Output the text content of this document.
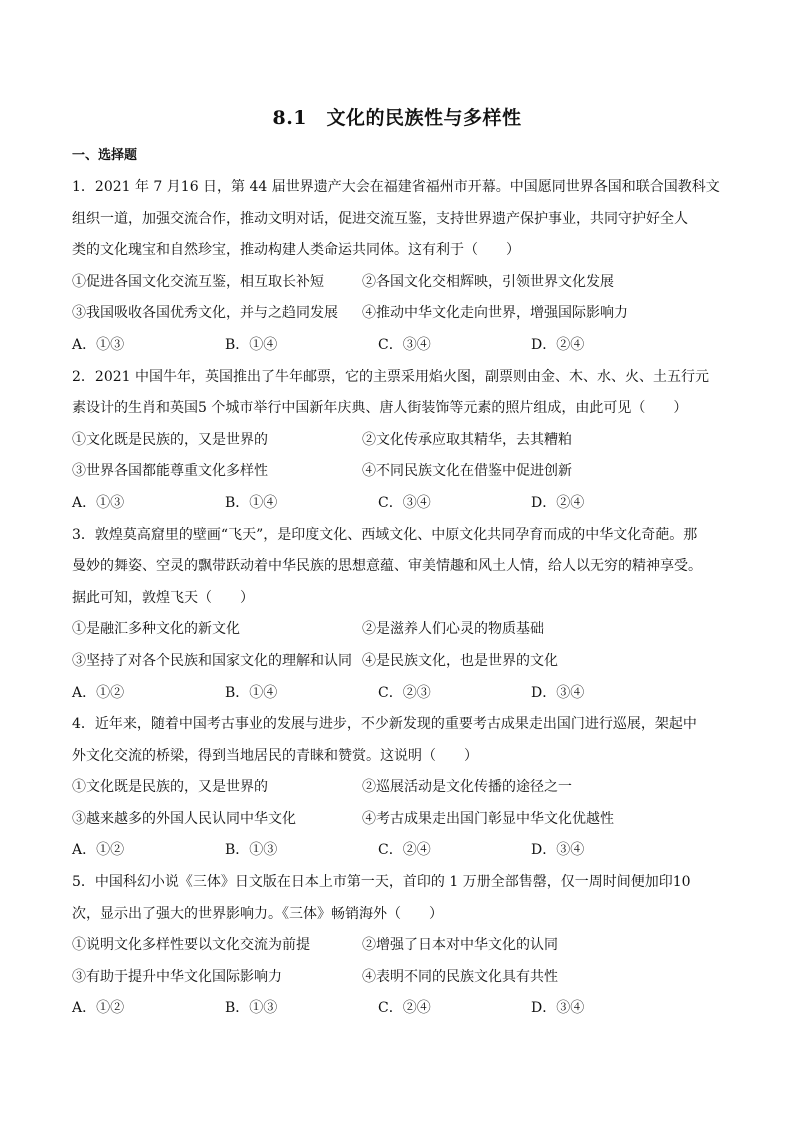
8.1　文化的民族性与多样性
一、选择题
1．2021 年 7 月16 日，第 44 届世界遗产大会在福建省福州市开幕。中国愿同世界各国和联合国教科文
组织一道，加强交流合作，推动文明对话，促进交流互鉴，支持世界遗产保护事业，共同守护好全人
类的文化瑰宝和自然珍宝，推动构建人类命运共同体。这有利于（　　）
①促进各国文化交流互鉴，相互取长补短	②各国文化交相辉映，引领世界文化发展
③我国吸收各国优秀文化，并与之趋同发展	④推动中华文化走向世界，增强国际影响力
A．①③	B．①④	C．③④	D．②④
2．2021 中国牛年，英国推出了牛年邮票，它的主票采用焰火图，副票则由金、木、水、火、土五行元
素设计的生肖和英国5 个城市举行中国新年庆典、唐人街装饰等元素的照片组成，由此可见（　　）
①文化既是民族的，又是世界的	②文化传承应取其精华，去其糟粕
③世界各国都能尊重文化多样性	④不同民族文化在借鉴中促进创新
A．①③	B．①④	C．③④	D．②④
3．敦煌莫高窟里的壁画“飞天”，是印度文化、西域文化、中原文化共同孕育而成的中华文化奇葩。那
曼妙的舞姿、空灵的飘带跃动着中华民族的思想意蕴、审美情趣和风土人情，给人以无穷的精神享受。
据此可知，敦煌飞天（　　）
①是融汇多种文化的新文化	②是滋养人们心灵的物质基础
③坚持了对各个民族和国家文化的理解和认同 ④是民族文化，也是世界的文化
A．①②	B．①④	C．②③	D．③④
4．近年来，随着中国考古事业的发展与进步，不少新发现的重要考古成果走出国门进行巡展，架起中
外文化交流的桥梁，得到当地居民的青睐和赞赏。这说明（　　）
①文化既是民族的，又是世界的	②巡展活动是文化传播的途径之一
③越来越多的外国人民认同中华文化	④考古成果走出国门彰显中华文化优越性
A．①②	B．①③	C．②④	D．③④
5．中国科幻小说《三体》日文版在日本上市第一天，首印的 1 万册全部售罄，仅一周时间便加印10
次，显示出了强大的世界影响力。《三体》畅销海外（　　）
①说明文化多样性要以文化交流为前提	②增强了日本对中华文化的认同
③有助于提升中华文化国际影响力	④表明不同的民族文化具有共性
A．①②	B．①③	C．②④	D．③④
